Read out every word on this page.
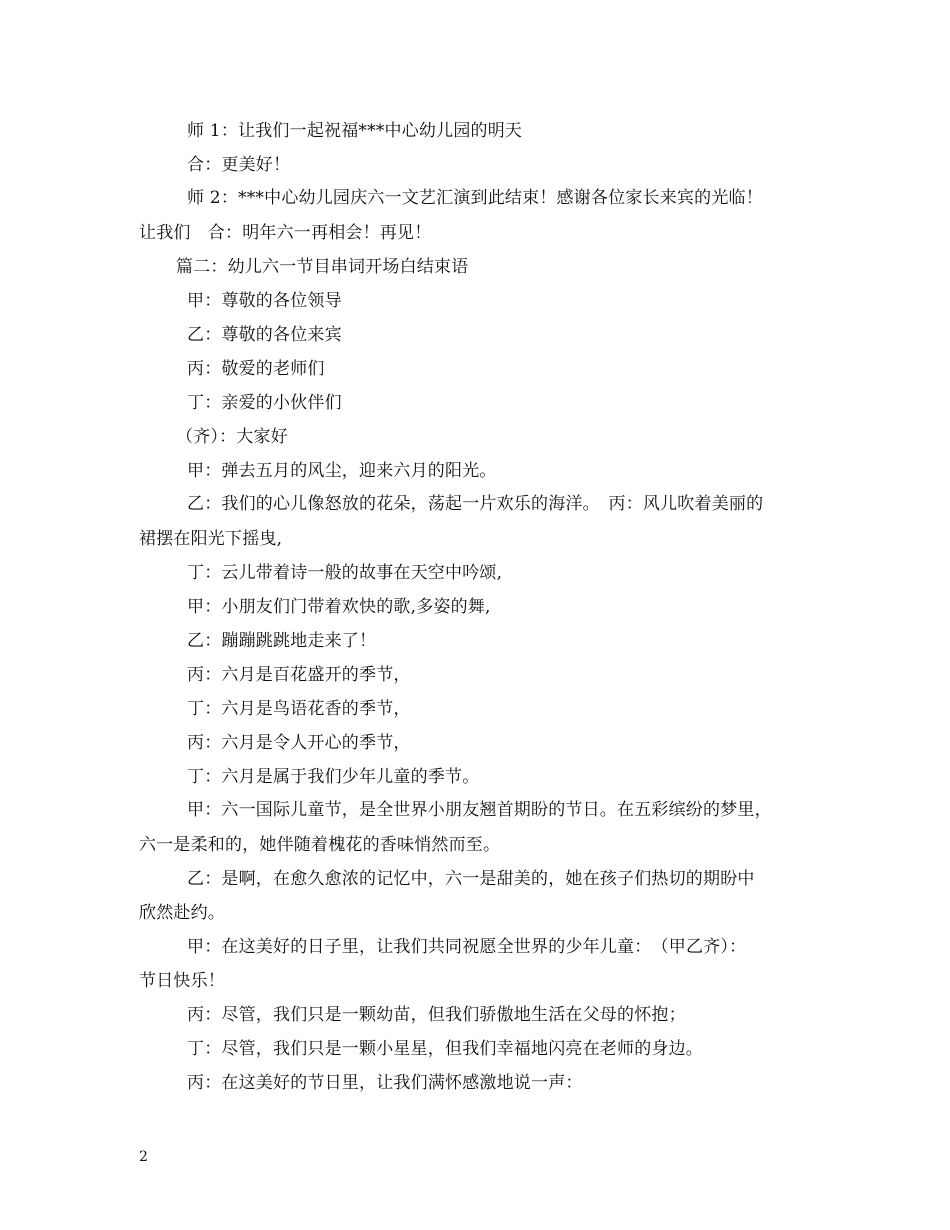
师 1：让我们一起祝福***中心幼儿园的明天
合：更美好！
师 2：***中心幼儿园庆六一文艺汇演到此结束！感谢各位家长来宾的光临！
让我们　合：明年六一再相会！再见！
篇二：幼儿六一节目串词开场白结束语
甲：尊敬的各位领导
乙：尊敬的各位来宾
丙：敬爱的老师们
丁：亲爱的小伙伴们
（齐）：大家好
甲：弹去五月的风尘，迎来六月的阳光。
乙：我们的心儿像怒放的花朵，荡起一片欢乐的海洋。　丙：风儿吹着美丽的
裙摆在阳光下摇曳,
丁：云儿带着诗一般的故事在天空中吟颂,
甲：小朋友们门带着欢快的歌,多姿的舞,
乙：蹦蹦跳跳地走来了！
丙：六月是百花盛开的季节，
丁：六月是鸟语花香的季节，
丙：六月是令人开心的季节，
丁：六月是属于我们少年儿童的季节。
甲：六一国际儿童节，是全世界小朋友翘首期盼的节日。在五彩缤纷的梦里，
六一是柔和的，她伴随着槐花的香味悄然而至。
乙：是啊，在愈久愈浓的记忆中，六一是甜美的，她在孩子们热切的期盼中
欣然赴约。
甲：在这美好的日子里，让我们共同祝愿全世界的少年儿童：　（甲乙齐）：
节日快乐！
丙：尽管，我们只是一颗幼苗，但我们骄傲地生活在父母的怀抱；
丁：尽管，我们只是一颗小星星，但我们幸福地闪亮在老师的身边。
丙：在这美好的节日里，让我们满怀感激地说一声：
2
